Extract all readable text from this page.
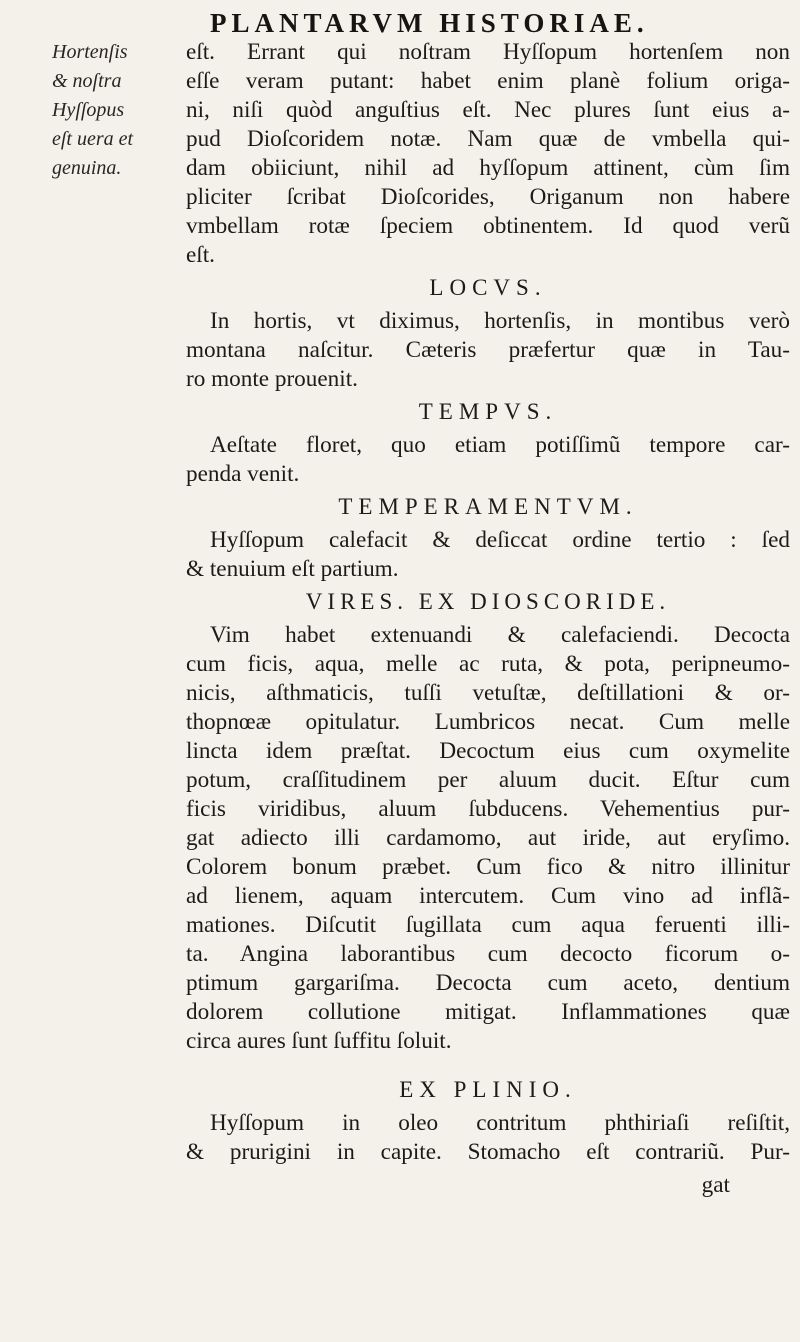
PLANTARVM HISTORIAE.
Hortenſis
& noſtra
Hyſſopus
eſt uera et
genuina.
eſt. Errant qui noſtram Hyſſopum hortenſem non
eſſe veram putant: habet enim planè folium origa-
ni, niſi quòd anguſtius eſt. Nec plures ſunt eius a-
pud Dioſcoridem notæ. Nam quæ de vmbella qui-
dam obiiciunt, nihil ad hyſſopum attinent, cùm ſim
pliciter ſcribat Dioſcorides, Origanum non habere
vmbellam rotæ ſpeciem obtinentem. Id quod verũ
eſt.
LOCVS.
In hortis, vt diximus, hortenſis, in montibus verò
montana naſcitur. Cæteris præfertur quæ in Tau-
ro monte prouenit.
TEMPVS.
Aeſtate floret, quo etiam potiſſimũ tempore car-
penda venit.
TEMPERAMENTVM.
Hyſſopum calefacit & deſiccat ordine tertio : ſed
& tenuium eſt partium.
VIRES. EX DIOSCORIDE.
Vim habet extenuandi & calefaciendi. Decocta
cum ficis, aqua, melle ac ruta, & pota, peripneumo-
nicis, aſthmaticis, tuſſi vetuſtæ, deſtillationi & or-
thopnœæ opitulatur. Lumbricos necat. Cum melle
lincta idem præſtat. Decoctum eius cum oxymelite
potum, craſſitudinem per aluum ducit. Eſtur cum
ficis viridibus, aluum ſubducens. Vehementius pur-
gat adiecto illi cardamomo, aut iride, aut eryſimo.
Colorem bonum præbet. Cum fico & nitro illinitur
ad lienem, aquam intercutem. Cum vino ad inflã-
mationes. Diſcutit ſugillata cum aqua feruenti illi-
ta. Angina laborantibus cum decocto ficorum o-
ptimum gargariſma. Decocta cum aceto, dentium
dolorem collutione mitigat. Inflammationes quæ
circa aures ſunt ſuffitu ſoluit.
EX PLINIO.
Hyſſopum in oleo contritum phthiriaſi reſiſtit,
& prurigini in capite. Stomacho eſt contrariũ. Pur-
gat
